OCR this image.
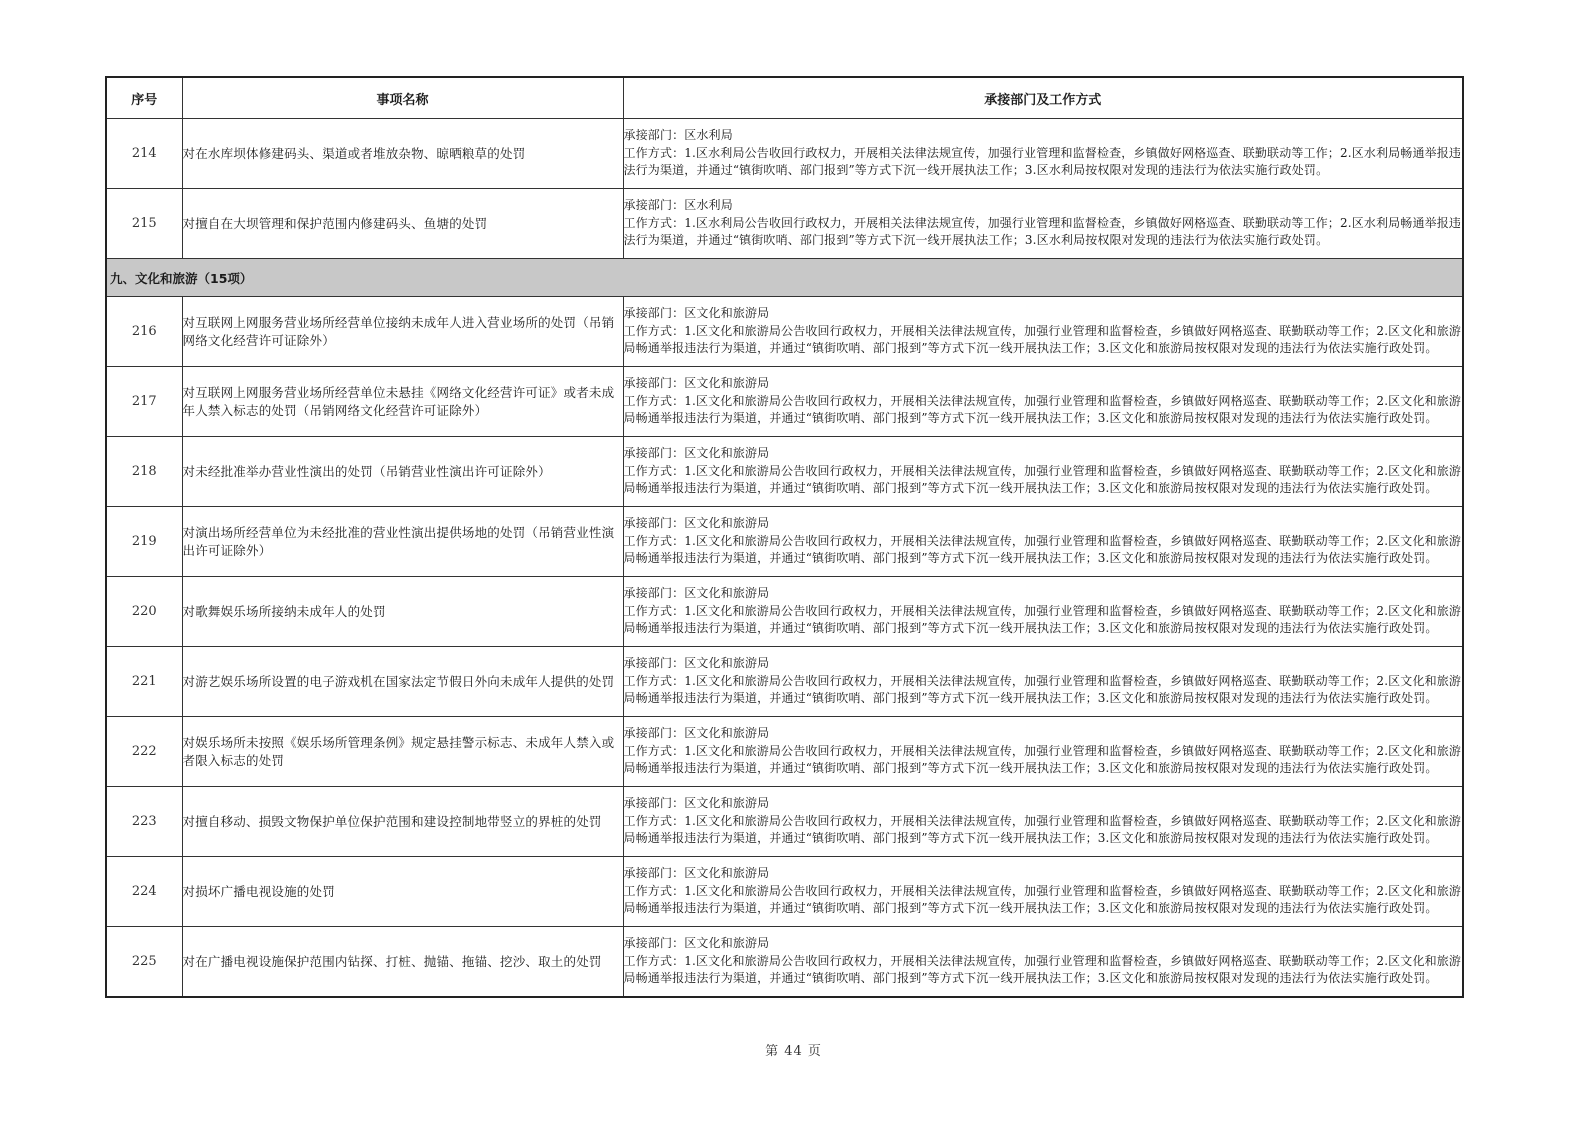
序号	事项名称	承接部门及工作方式
214	对在水库坝体修建码头、渠道或者堆放杂物、晾晒粮草的处罚	承接部门：区水利局
工作方式：1.区水利局公告收回行政权力，开展相关法律法规宣传，加强行业管理和监督检查，乡镇做好网格巡查、联勤联动等工作；2.区水利局畅通举报违法行为渠道，并通过“镇街吹哨、部门报到”等方式下沉一线开展执法工作；3.区水利局按权限对发现的违法行为依法实施行政处罚。

215	对擅自在大坝管理和保护范围内修建码头、鱼塘的处罚	承接部门：区水利局
工作方式：1.区水利局公告收回行政权力，开展相关法律法规宣传，加强行业管理和监督检查，乡镇做好网格巡查、联勤联动等工作；2.区水利局畅通举报违法行为渠道，并通过“镇街吹哨、部门报到”等方式下沉一线开展执法工作；3.区水利局按权限对发现的违法行为依法实施行政处罚。

九、文化和旅游（15项）		
216	对互联网上网服务营业场所经营单位接纳未成年人进入营业场所的处罚（吊销网络文化经营许可证除外）	承接部门：区文化和旅游局
工作方式：1.区文化和旅游局公告收回行政权力，开展相关法律法规宣传，加强行业管理和监督检查，乡镇做好网格巡查、联勤联动等工作；2.区文化和旅游局畅通举报违法行为渠道，并通过“镇街吹哨、部门报到”等方式下沉一线开展执法工作；3.区文化和旅游局按权限对发现的违法行为依法实施行政处罚。

217	对互联网上网服务营业场所经营单位未悬挂《网络文化经营许可证》或者未成年人禁入标志的处罚（吊销网络文化经营许可证除外）	承接部门：区文化和旅游局
工作方式：1.区文化和旅游局公告收回行政权力，开展相关法律法规宣传，加强行业管理和监督检查，乡镇做好网格巡查、联勤联动等工作；2.区文化和旅游局畅通举报违法行为渠道，并通过“镇街吹哨、部门报到”等方式下沉一线开展执法工作；3.区文化和旅游局按权限对发现的违法行为依法实施行政处罚。

218	对未经批准举办营业性演出的处罚（吊销营业性演出许可证除外）	承接部门：区文化和旅游局
工作方式：1.区文化和旅游局公告收回行政权力，开展相关法律法规宣传，加强行业管理和监督检查，乡镇做好网格巡查、联勤联动等工作；2.区文化和旅游局畅通举报违法行为渠道，并通过“镇街吹哨、部门报到”等方式下沉一线开展执法工作；3.区文化和旅游局按权限对发现的违法行为依法实施行政处罚。

219	对演出场所经营单位为未经批准的营业性演出提供场地的处罚（吊销营业性演出许可证除外）	承接部门：区文化和旅游局
工作方式：1.区文化和旅游局公告收回行政权力，开展相关法律法规宣传，加强行业管理和监督检查，乡镇做好网格巡查、联勤联动等工作；2.区文化和旅游局畅通举报违法行为渠道，并通过“镇街吹哨、部门报到”等方式下沉一线开展执法工作；3.区文化和旅游局按权限对发现的违法行为依法实施行政处罚。

220	对歌舞娱乐场所接纳未成年人的处罚	承接部门：区文化和旅游局
工作方式：1.区文化和旅游局公告收回行政权力，开展相关法律法规宣传，加强行业管理和监督检查，乡镇做好网格巡查、联勤联动等工作；2.区文化和旅游局畅通举报违法行为渠道，并通过“镇街吹哨、部门报到”等方式下沉一线开展执法工作；3.区文化和旅游局按权限对发现的违法行为依法实施行政处罚。

221	对游艺娱乐场所设置的电子游戏机在国家法定节假日外向未成年人提供的处罚	承接部门：区文化和旅游局
工作方式：1.区文化和旅游局公告收回行政权力，开展相关法律法规宣传，加强行业管理和监督检查，乡镇做好网格巡查、联勤联动等工作；2.区文化和旅游局畅通举报违法行为渠道，并通过“镇街吹哨、部门报到”等方式下沉一线开展执法工作；3.区文化和旅游局按权限对发现的违法行为依法实施行政处罚。

222	对娱乐场所未按照《娱乐场所管理条例》规定悬挂警示标志、未成年人禁入或者限入标志的处罚	承接部门：区文化和旅游局
工作方式：1.区文化和旅游局公告收回行政权力，开展相关法律法规宣传，加强行业管理和监督检查，乡镇做好网格巡查、联勤联动等工作；2.区文化和旅游局畅通举报违法行为渠道，并通过“镇街吹哨、部门报到”等方式下沉一线开展执法工作；3.区文化和旅游局按权限对发现的违法行为依法实施行政处罚。

223	对擅自移动、损毁文物保护单位保护范围和建设控制地带竖立的界桩的处罚	承接部门：区文化和旅游局
工作方式：1.区文化和旅游局公告收回行政权力，开展相关法律法规宣传，加强行业管理和监督检查，乡镇做好网格巡查、联勤联动等工作；2.区文化和旅游局畅通举报违法行为渠道，并通过“镇街吹哨、部门报到”等方式下沉一线开展执法工作；3.区文化和旅游局按权限对发现的违法行为依法实施行政处罚。

224	对损坏广播电视设施的处罚	承接部门：区文化和旅游局
工作方式：1.区文化和旅游局公告收回行政权力，开展相关法律法规宣传，加强行业管理和监督检查，乡镇做好网格巡查、联勤联动等工作；2.区文化和旅游局畅通举报违法行为渠道，并通过“镇街吹哨、部门报到”等方式下沉一线开展执法工作；3.区文化和旅游局按权限对发现的违法行为依法实施行政处罚。

225	对在广播电视设施保护范围内钻探、打桩、抛锚、拖锚、挖沙、取土的处罚	承接部门：区文化和旅游局
工作方式：1.区文化和旅游局公告收回行政权力，开展相关法律法规宣传，加强行业管理和监督检查，乡镇做好网格巡查、联勤联动等工作；2.区文化和旅游局畅通举报违法行为渠道，并通过“镇街吹哨、部门报到”等方式下沉一线开展执法工作；3.区文化和旅游局按权限对发现的违法行为依法实施行政处罚。
第 44 页
